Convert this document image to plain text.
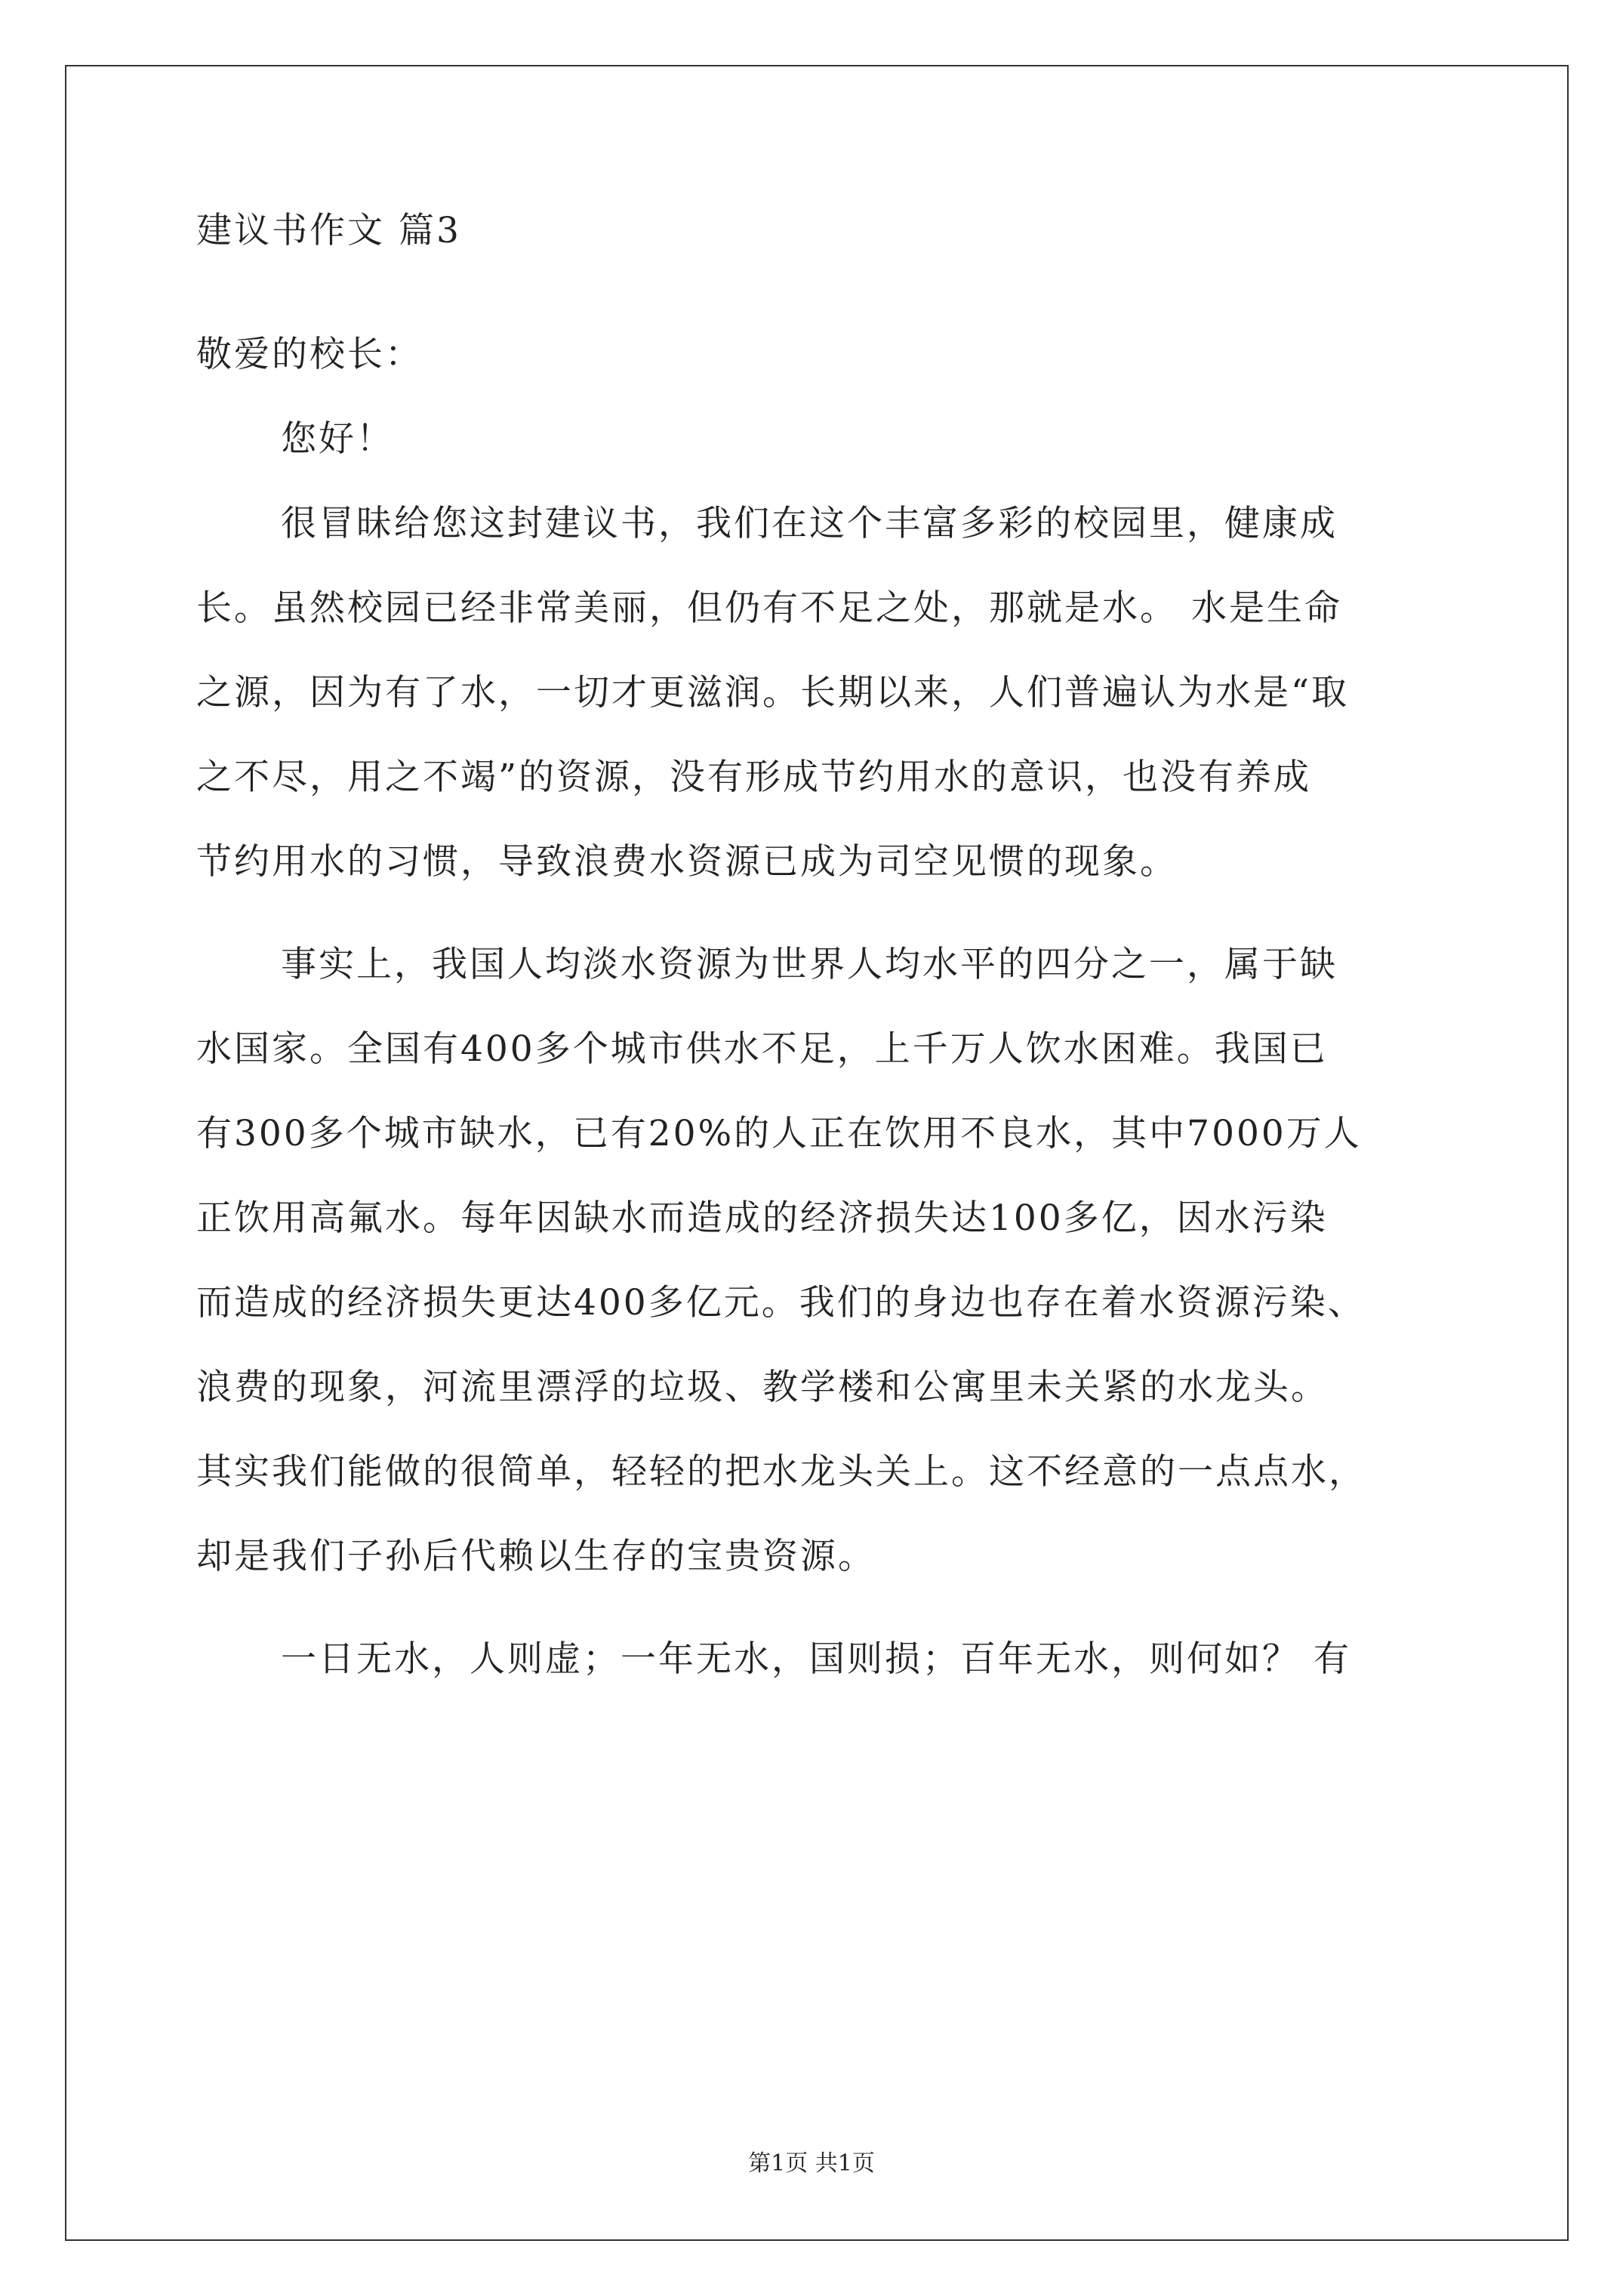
建议书作文 篇3
敬爱的校长：
您好！
很冒昧给您这封建议书，我们在这个丰富多彩的校园里，健康成
长。虽然校园已经非常美丽，但仍有不足之处，那就是水。 水是生命
之源，因为有了水，一切才更滋润。长期以来，人们普遍认为水是“取
之不尽，用之不竭”的资源，没有形成节约用水的意识，也没有养成
节约用水的习惯，导致浪费水资源已成为司空见惯的现象。
事实上，我国人均淡水资源为世界人均水平的四分之一，属于缺
水国家。全国有400多个城市供水不足，上千万人饮水困难。我国已
有300多个城市缺水，已有20%的人正在饮用不良水，其中7000万人
正饮用高氟水。每年因缺水而造成的经济损失达100多亿，因水污染
而造成的经济损失更达400多亿元。我们的身边也存在着水资源污染、
浪费的现象，河流里漂浮的垃圾、教学楼和公寓里未关紧的水龙头。
其实我们能做的很简单，轻轻的把水龙头关上。这不经意的一点点水，
却是我们子孙后代赖以生存的宝贵资源。
一日无水，人则虚；一年无水，国则损；百年无水，则何如？ 有
第1页 共1页
